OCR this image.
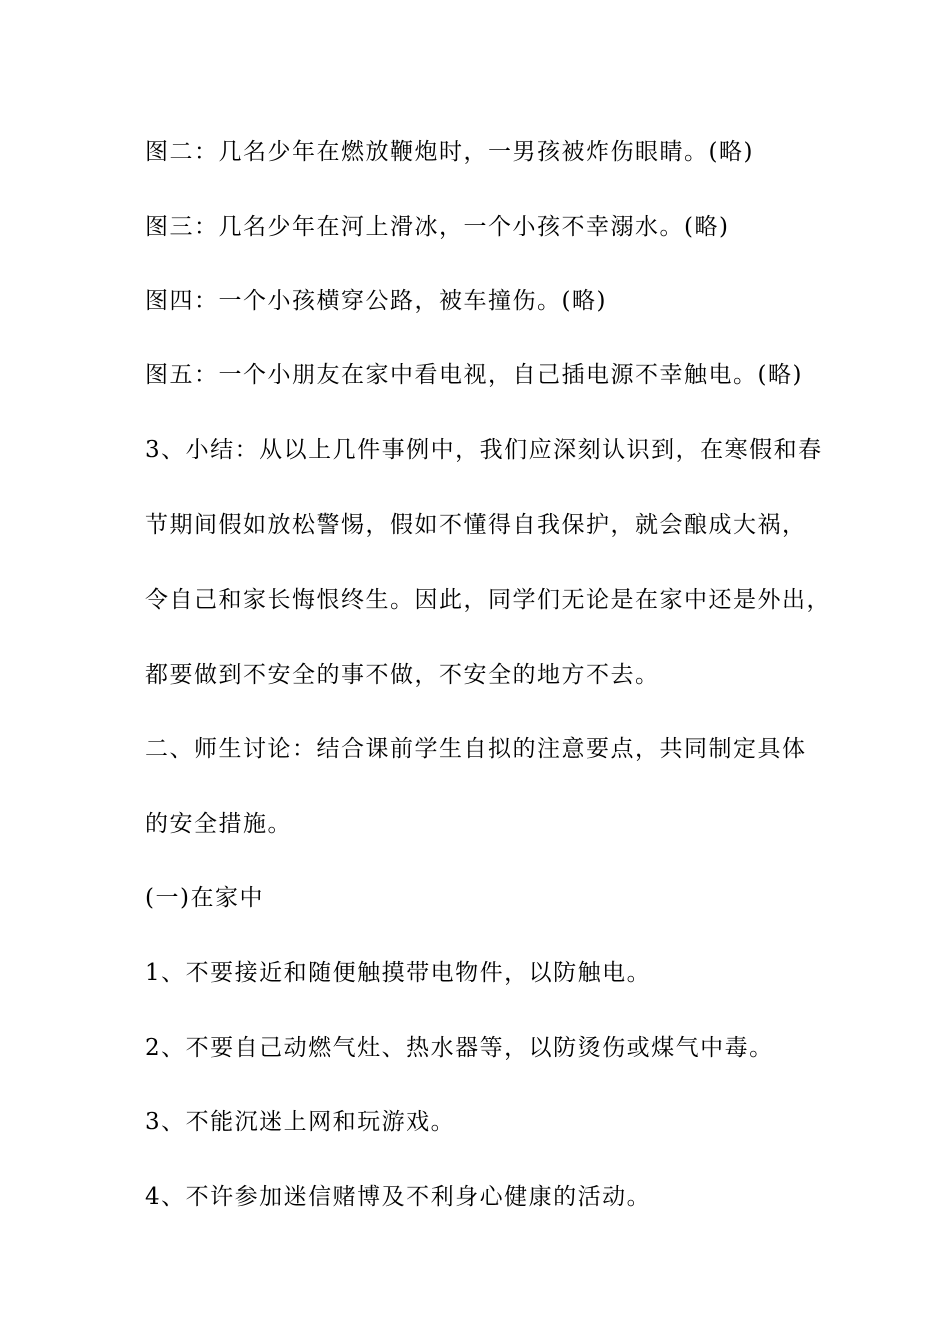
图二：几名少年在燃放鞭炮时，一男孩被炸伤眼睛。(略)
图三：几名少年在河上滑冰，一个小孩不幸溺水。(略)
图四：一个小孩横穿公路，被车撞伤。(略)
图五：一个小朋友在家中看电视，自己插电源不幸触电。(略)
3、小结：从以上几件事例中，我们应深刻认识到，在寒假和春
节期间假如放松警惕，假如不懂得自我保护，就会酿成大祸，
令自己和家长悔恨终生。因此，同学们无论是在家中还是外出，
都要做到不安全的事不做，不安全的地方不去。
二、师生讨论：结合课前学生自拟的注意要点，共同制定具体
的安全措施。
(一)在家中
1、不要接近和随便触摸带电物件，以防触电。
2、不要自己动燃气灶、热水器等，以防烫伤或煤气中毒。
3、不能沉迷上网和玩游戏。
4、不许参加迷信赌博及不利身心健康的活动。
